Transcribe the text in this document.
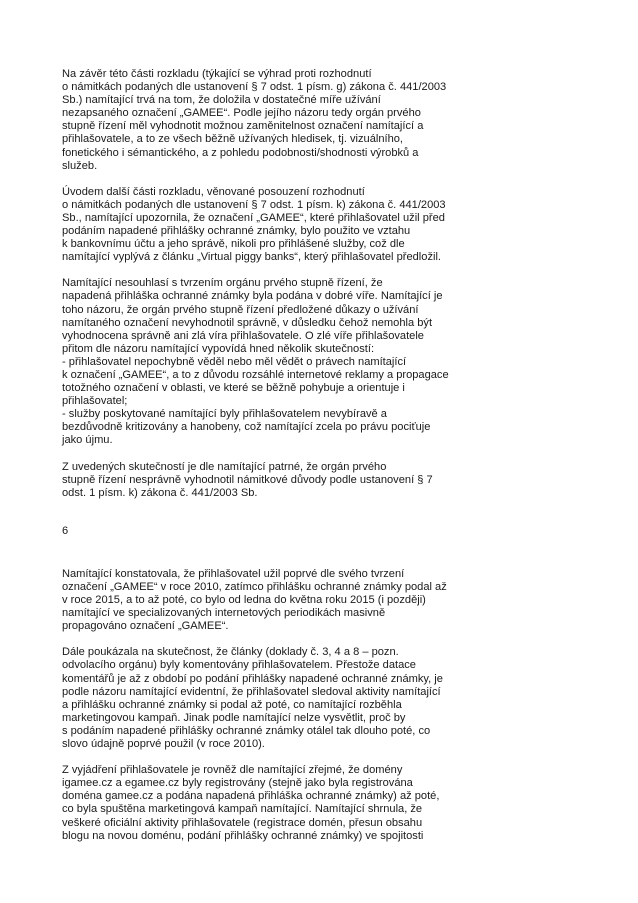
Na závěr této části rozkladu (týkající se výhrad proti rozhodnutí
o námitkách podaných dle ustanovení § 7 odst. 1 písm. g) zákona č. 441/2003
Sb.) namítající trvá na tom, že doložila v dostatečné míře užívání
nezapsaného označení „GAMEE“. Podle jejího názoru tedy orgán prvého
stupně řízení měl vyhodnotit možnou zaměnitelnost označení namítající a
přihlašovatele, a to ze všech běžně užívaných hledisek, tj. vizuálního,
fonetického i sémantického, a z pohledu podobnosti/shodnosti výrobků a
služeb.

Úvodem další části rozkladu, věnované posouzení rozhodnutí
o námitkách podaných dle ustanovení § 7 odst. 1 písm. k) zákona č. 441/2003
Sb., namítající upozornila, že označení „GAMEE“, které přihlašovatel užil před
podáním napadené přihlášky ochranné známky, bylo použito ve vztahu
k bankovnímu účtu a jeho správě, nikoli pro přihlášené služby, což dle
namítající vyplývá z článku „Virtual piggy banks“, který přihlašovatel předložil.

Namítající nesouhlasí s tvrzením orgánu prvého stupně řízení, že
napadená přihláška ochranné známky byla podána v dobré víře. Namítající je
toho názoru, že orgán prvého stupně řízení předložené důkazy o užívání
namítaného označení nevyhodnotil správně, v důsledku čehož nemohla být
vyhodnocena správně ani zlá víra přihlašovatele. O zlé víře přihlašovatele
přitom dle názoru namítající vypovídá hned několik skutečností:
- přihlašovatel nepochybně věděl nebo měl vědět o právech namítající
k označení „GAMEE“, a to z důvodu rozsáhlé internetové reklamy a propagace
totožného označení v oblasti, ve které se běžně pohybuje a orientuje i
přihlašovatel;
- služby poskytované namítající byly přihlašovatelem nevybíravě a
bezdůvodně kritizovány a hanobeny, což namítající zcela po právu pociťuje
jako újmu.

Z uvedených skutečností je dle namítající patrné, že orgán prvého
stupně řízení nesprávně vyhodnotil námitkové důvody podle ustanovení § 7
odst. 1 písm. k) zákona č. 441/2003 Sb.

6

Namítající konstatovala, že přihlašovatel užil poprvé dle svého tvrzení
označení „GAMEE“ v roce 2010, zatímco přihlášku ochranné známky podal až
v roce 2015, a to až poté, co bylo od ledna do května roku 2015 (i později)
namítající ve specializovaných internetových periodikách masivně
propagováno označení „GAMEE“.

Dále poukázala na skutečnost, že články (doklady č. 3, 4 a 8 – pozn.
odvolacího orgánu) byly komentovány přihlašovatelem. Přestože datace
komentářů je až z období po podání přihlášky napadené ochranné známky, je
podle názoru namítající evidentní, že přihlašovatel sledoval aktivity namítající
a přihlášku ochranné známky si podal až poté, co namítající rozběhla
marketingovou kampaň. Jinak podle namítající nelze vysvětlit, proč by
s podáním napadené přihlášky ochranné známky otálel tak dlouho poté, co
slovo údajně poprvé použil (v roce 2010).

Z vyjádření přihlašovatele je rovněž dle namítající zřejmé, že domény
igamee.cz a egamee.cz byly registrovány (stejně jako byla registrována
doména gamee.cz a podána napadená přihláška ochranné známky) až poté,
co byla spuštěna marketingová kampaň namítající. Namítající shrnula, že
veškeré oficiální aktivity přihlašovatele (registrace domén, přesun obsahu
blogu na novou doménu, podání přihlášky ochranné známky) ve spojitosti
